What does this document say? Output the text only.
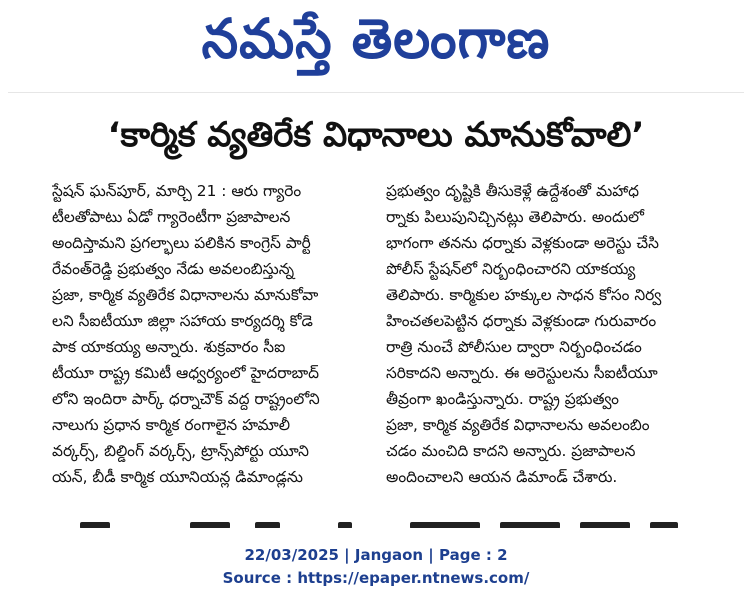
నమస్తే తెలంగాణ
‘కార్మిక వ్యతిరేక విధానాలు మానుకోవాలి’

స్టేషన్ ఘన్‌పూర్, మార్చి 21 : ఆరు గ్యారెం

టీలతోపాటు ఏడో గ్యారెంటీగా ప్రజాపాలన

అందిస్తామని ప్రగల్భాలు పలికిన కాంగ్రెస్ పార్టీ

రేవంత్‌రెడ్డి ప్రభుత్వం నేడు అవలంబిస్తున్న

ప్రజా, కార్మిక వ్యతిరేక విధానాలను మానుకోవా

లని సీఐటీయూ జిల్లా సహాయ కార్యదర్శి కోడె

పాక యాకయ్య అన్నారు. శుక్రవారం సీఐ

టీయూ రాష్ట్ర కమిటీ ఆధ్వర్యంలో హైదరాబాద్

లోని ఇందిరా పార్క్ ధర్నాచౌక్ వద్ద రాష్ట్రంలోని

నాలుగు ప్రధాన కార్మిక రంగాలైన హమాలీ

వర్కర్స్, బిల్డింగ్ వర్కర్స్, ట్రాన్స్‌పోర్టు యూని

యన్, బీడీ కార్మిక యూనియన్ల డిమాండ్లను

ప్రభుత్వం దృష్టికి తీసుకెళ్లే ఉద్దేశంతో మహాధ

ర్నాకు పిలుపునిచ్చినట్లు తెలిపారు. అందులో

భాగంగా తనను ధర్నాకు వెళ్లకుండా అరెస్టు చేసి

పోలీస్ స్టేషన్‌లో నిర్బంధించారని యాకయ్య

తెలిపారు. కార్మికుల హక్కుల సాధన కోసం నిర్వ

హించతలపెట్టిన ధర్నాకు వెళ్లకుండా గురువారం

రాత్రి నుంచే పోలీసుల ద్వారా నిర్బంధించడం

సరికాదని అన్నారు. ఈ అరెస్టులను సీఐటీయూ

తీవ్రంగా ఖండిస్తున్నారు. రాష్ట్ర ప్రభుత్వం

ప్రజా, కార్మిక వ్యతిరేక విధానాలను అవలంబిం

చడం మంచిది కాదని అన్నారు. ప్రజాపాలన

అందించాలని ఆయన డిమాండ్ చేశారు.

22/03/2025 | Jangaon | Page : 2
Source : https://epaper.ntnews.com/
